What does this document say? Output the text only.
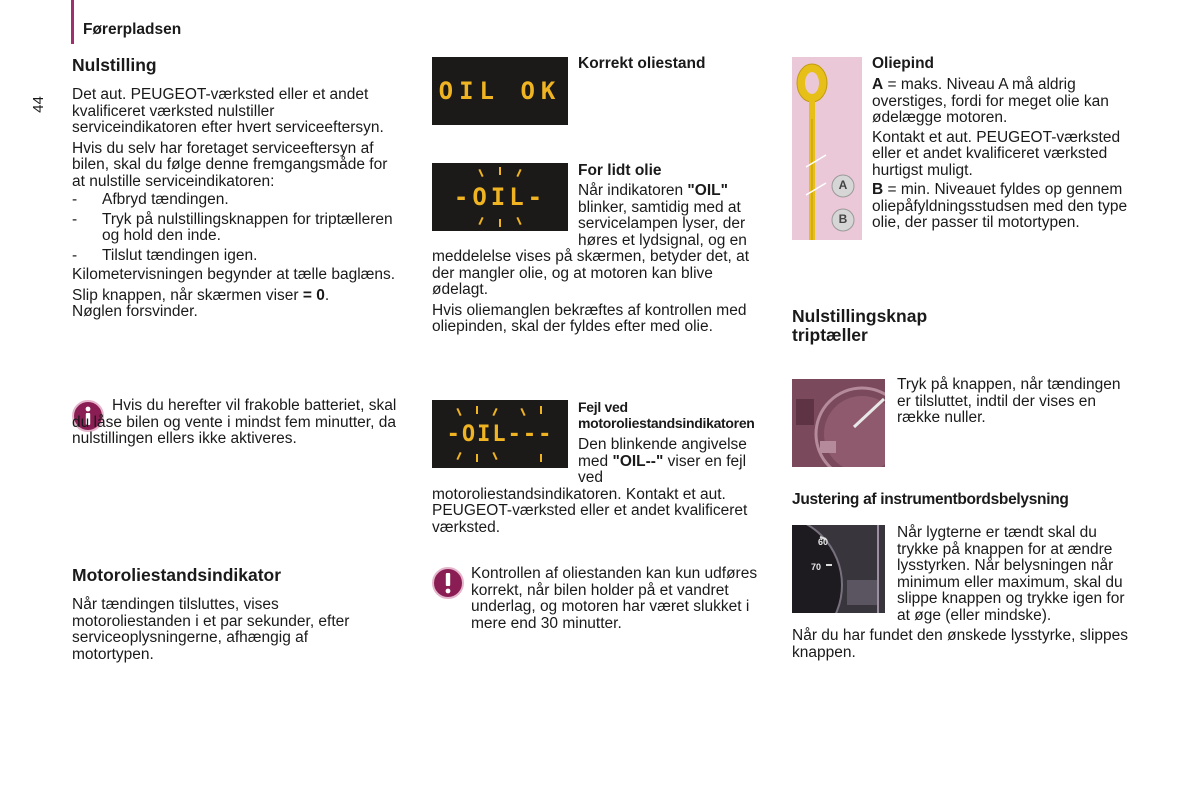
Førerpladsen
44
Nulstilling

Det aut. PEUGEOT-værksted eller et andet kvalificeret værksted nulstiller serviceindikatoren efter hvert serviceeftersyn.

Hvis du selv har foretaget serviceeftersyn af bilen, skal du følge denne fremgangsmåde for at nulstille serviceindikatoren:

- Afbryd tændingen.
- Tryk på nulstillingsknappen for triptælleren og hold den inde.
- Tilslut tændingen igen.

Kilometervisningen begynder at tælle baglæns.

Slip knappen, når skærmen viser = 0.

Nøglen forsvinder.

Hvis du herefter vil frakoble batteriet, skal du låse bilen og vente i mindst fem minutter, da nulstillingen ellers ikke aktiveres.
Motoroliestandsindikator
Når tændingen tilsluttes, vises motoroliestanden i et par sekunder, efter serviceoplysningerne, afhængig af motortypen.
OIL OK
Korrekt oliestand
-OIL-
For lidt olie

Når indikatoren "OIL" blinker, samtidig med at servicelampen lyser, der høres et lydsignal, og en meddelelse vises på skærmen, betyder det, at der mangler olie, og at motoren kan blive ødelagt.

Hvis oliemanglen bekræftes af kontrollen med oliepinden, skal der fyldes efter med olie.

-OIL---
Fejl ved motoroliestandsindikatoren

Den blinkende angivelse med "OIL--" viser en fejl ved motoroliestandsindikatoren. Kontakt et aut. PEUGEOT-værksted eller et andet kvalificeret værksted.

Kontrollen af oliestanden kan kun udføres korrekt, når bilen holder på et vandret underlag, og motoren har været slukket i mere end 30 minutter.
A
B
Oliepind

A = maks. Niveau A må aldrig overstiges, fordi for meget olie kan ødelægge motoren.

Kontakt et aut. PEUGEOT-værksted eller et andet kvalificeret værksted hurtigst muligt.

B = min. Niveauet fyldes op gennem oliepåfyldningsstudsen med den type olie, der passer til motortypen.

Nulstillingsknap
triptæller
Tryk på knappen, når tændingen er tilsluttet, indtil der vises en række nuller.
Justering af instrumentbordsbelysning
60
70

Når lygterne er tændt skal du trykke på knappen for at ændre lysstyrken. Når belysningen når minimum eller maximum, skal du slippe knappen og trykke igen for at øge (eller mindske).

Når du har fundet den ønskede lysstyrke, slippes knappen.
